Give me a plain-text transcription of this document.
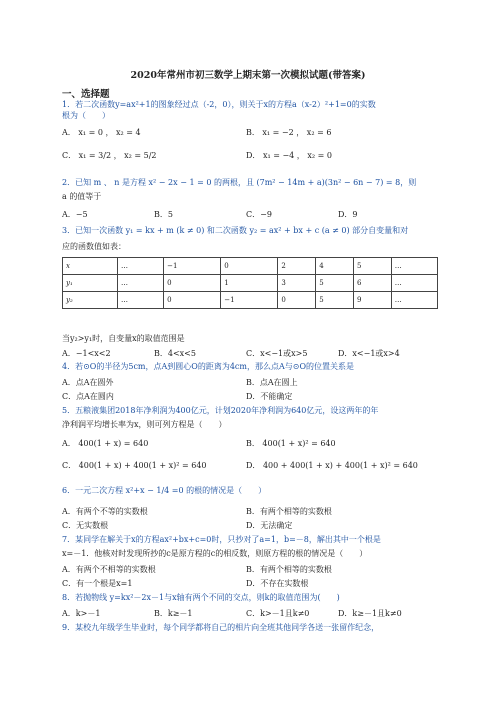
2020年常州市初三数学上期末第一次模拟试题(带答案)
一、选择题
1．若二次函数y=ax²+1的图象经过点（-2，0），则关于x的方程a（x-2）²+1=0的实数
根为（　　）
A． x₁ = 0 ， x₂ = 4	B． x₁ = −2 ， x₂ = 6
C． x₁ = 3/2 ， x₂ = 5/2	D． x₁ = −4 ， x₂ = 0
2．已知 m 、 n 是方程 x² − 2x − 1 = 0 的两根，且 (7m² − 14m + a)(3n² − 6n − 7) = 8，则
a 的值等于
A．−5	B．5	C．−9	D．9
3．已知一次函数 y₁ = kx + m (k ≠ 0) 和二次函数 y₂ = ax² + bx + c (a ≠ 0) 部分自变量和对
应的函数值如表：
x	…	−1	0	2	4	5	…
y₁	…	0	1	3	5	6	…
y₂	…	0	−1	0	5	9	…
当y₂>y₁时，自变量x的取值范围是
A．−1<x<2	B．4<x<5	C．x<−1或x>5	D．x<−1或x>4
4．若⊙O的半径为5cm，点A到圆心O的距离为4cm，那么点A与⊙O的位置关系是
A．点A在圆外	B．点A在圆上
C．点A在圆内	D．不能确定
5．五粮液集团2018年净利润为400亿元，计划2020年净利润为640亿元，设这两年的年
净利润平均增长率为x，则可列方程是（　　）
A． 400(1 + x) = 640	B． 400(1 + x)² = 640
C． 400(1 + x) + 400(1 + x)² = 640	D． 400 + 400(1 + x) + 400(1 + x)² = 640
6．一元二次方程 x²+x − 1/4 =0 的根的情况是（　　）
A．有两个不等的实数根	B．有两个相等的实数根
C．无实数根	D．无法确定
7．某同学在解关于x的方程ax²+bx+c=0时，只抄对了a=1，b=－8，解出其中一个根是
x=－1．他核对时发现所抄的c是原方程的c的相反数，则原方程的根的情况是（　　）
A．有两个不相等的实数根	B．有两个相等的实数根
C．有一个根是x=1	D．不存在实数根
8．若抛物线 y=kx²－2x－1与x轴有两个不同的交点，则k的取值范围为(　　)
A．k>－1	B．k≥－1	C．k>－1且k≠0	D．k≥－1且k≠0
9．某校九年级学生毕业时，每个同学都将自己的相片向全班其他同学各送一张留作纪念，
